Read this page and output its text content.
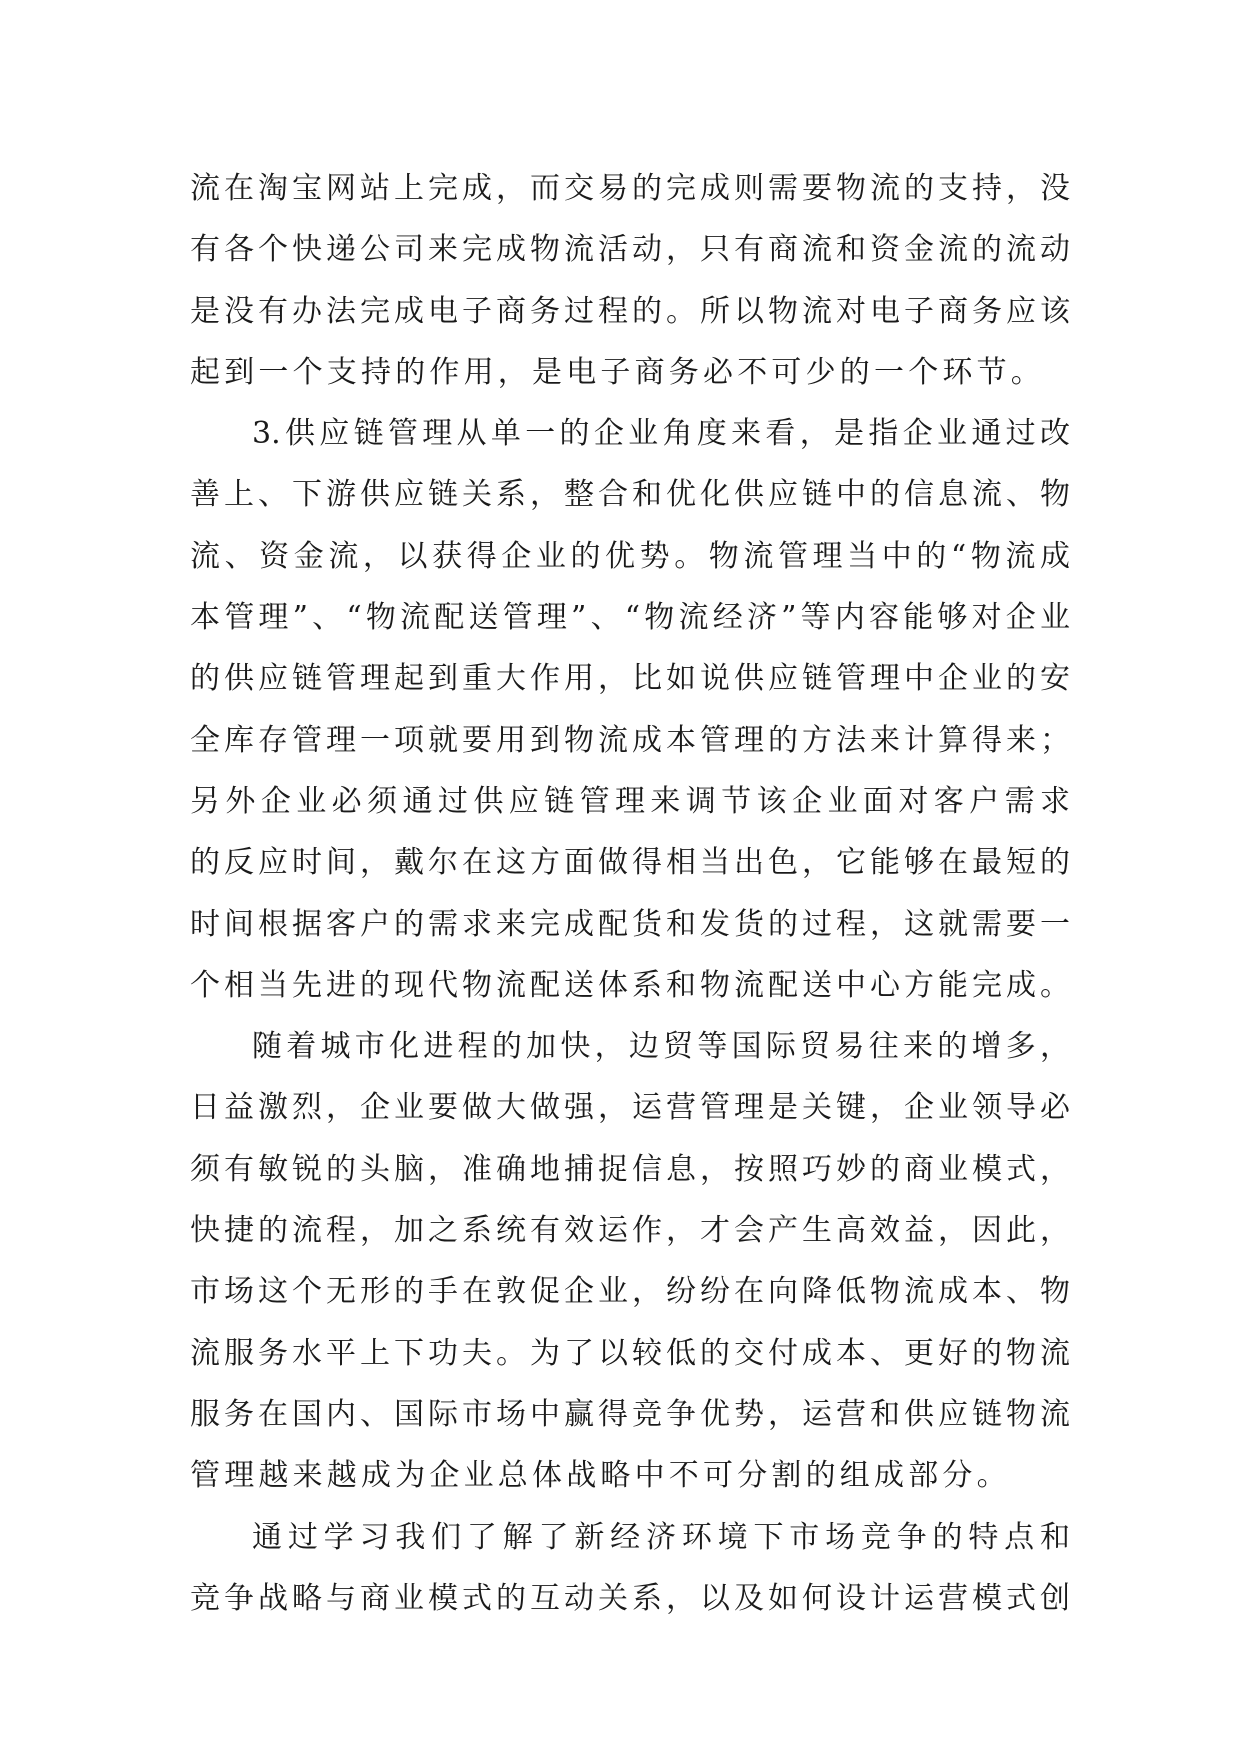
流在淘宝网站上完成，而交易的完成则需要物流的支持，没
有各个快递公司来完成物流活动，只有商流和资金流的流动
是没有办法完成电子商务过程的。所以物流对电子商务应该
起到一个支持的作用，是电子商务必不可少的一个环节。
3.供应链管理从单一的企业角度来看，是指企业通过改
善上、下游供应链关系，整合和优化供应链中的信息流、物
流、资金流，以获得企业的优势。物流管理当中的“物流成
本管理”、“物流配送管理”、“物流经济”等内容能够对企业
的供应链管理起到重大作用，比如说供应链管理中企业的安
全库存管理一项就要用到物流成本管理的方法来计算得来；
另外企业必须通过供应链管理来调节该企业面对客户需求
的反应时间，戴尔在这方面做得相当出色，它能够在最短的
时间根据客户的需求来完成配货和发货的过程，这就需要一
个相当先进的现代物流配送体系和物流配送中心方能完成。
随着城市化进程的加快，边贸等国际贸易往来的增多，
日益激烈，企业要做大做强，运营管理是关键，企业领导必
须有敏锐的头脑，准确地捕捉信息，按照巧妙的商业模式，
快捷的流程，加之系统有效运作，才会产生高效益，因此，
市场这个无形的手在敦促企业，纷纷在向降低物流成本、物
流服务水平上下功夫。为了以较低的交付成本、更好的物流
服务在国内、国际市场中赢得竞争优势，运营和供应链物流
管理越来越成为企业总体战略中不可分割的组成部分。
通过学习我们了解了新经济环境下市场竞争的特点和
竞争战略与商业模式的互动关系，以及如何设计运营模式创
